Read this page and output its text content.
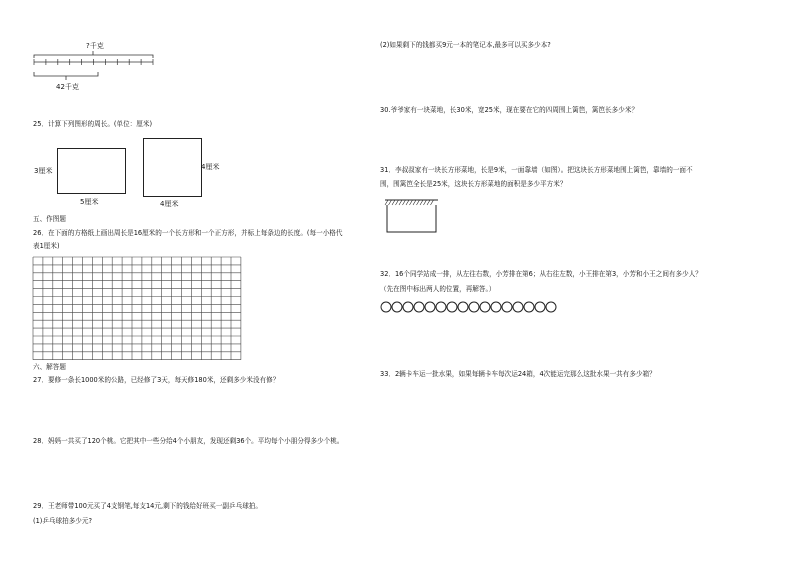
?千克
42千克
25．计算下列图形的周长。(单位：厘米)
3厘米
5厘米
4厘米
4厘米
五、作图题
26．在下面的方格纸上画出周长是16厘米的一个长方形和一个正方形，并标上每条边的长度。(每一小格代
表1厘米)
六、解答题
27．要修一条长1000米的公路，已经修了3天，每天修180米，还剩多少米没有修？
28．妈妈一共买了120个桃。它把其中一些分给4个小朋友，发现还剩36个。平均每个小朋分得多少个桃。
29．王老师带100元买了4支钢笔,每支14元,剩下的钱给好班买一副乒乓球拍。
(1)乒乓球拍多少元?
(2)如果剩下的钱都买9元一本的笔记本,最多可以买多少本?
30.爷爷家有一块菜地，长30米，宽25米，现在要在它的四周围上篱笆，篱笆长多少米？
31．李叔叔家有一块长方形菜地，长是9米，一面靠墙（如图）。把这块长方形菜地围上篱笆，靠墙的一面不
围，围篱笆全长是25米，这块长方形菜地的面积是多少平方米？
32．16个同学站成一排，从左往右数，小芳排在第6；从右往左数，小王排在第3，小芳和小王之间有多少人？
（先在图中标出两人的位置，再解答。）
33．2辆卡车运一批水果，如果每辆卡车每次运24箱，4次能运完那么这批水果一共有多少箱？
